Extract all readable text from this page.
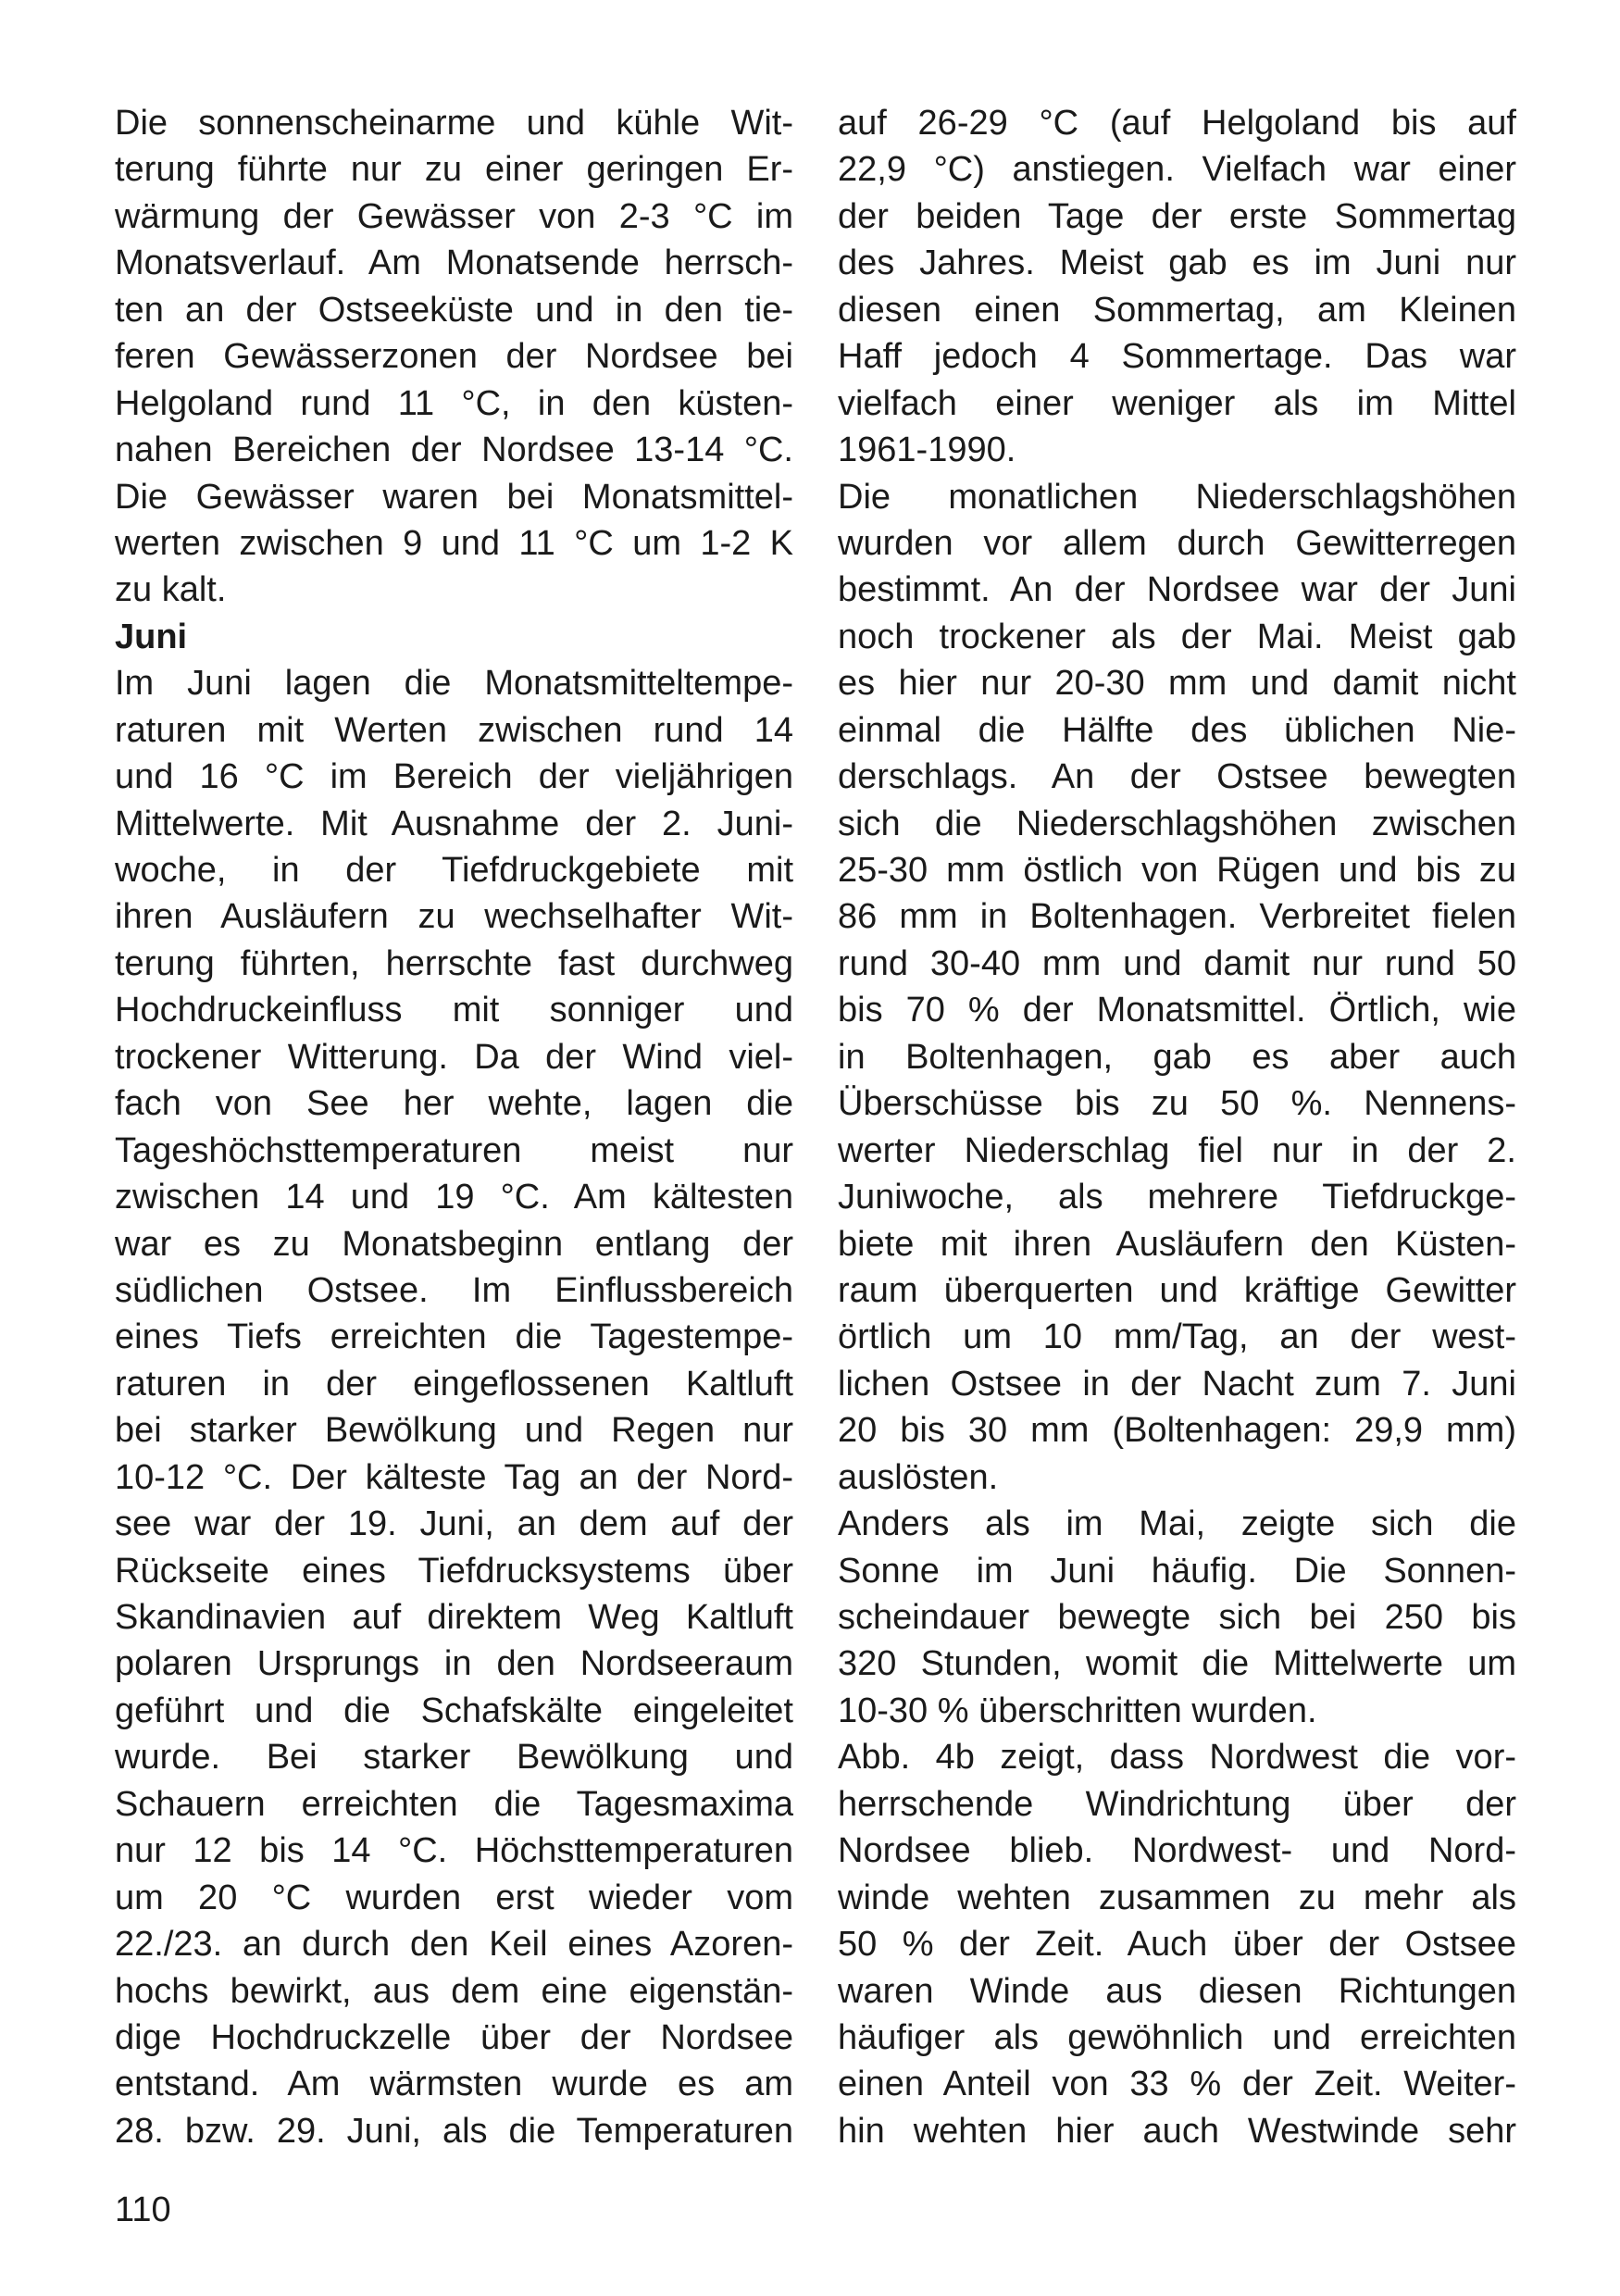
Die sonnenscheinarme und kühle Wit-
terung führte nur zu einer geringen Er-
wärmung der Gewässer von 2-3 °C im
Monatsverlauf. Am Monatsende herrsch-
ten an der Ostseeküste und in den tie-
feren Gewässerzonen der Nordsee bei
Helgoland rund 11 °C, in den küsten-
nahen Bereichen der Nordsee 13-14 °C.
Die Gewässer waren bei Monatsmittel-
werten zwischen 9 und 11 °C um 1-2 K
zu kalt.
Juni
Im Juni lagen die Monatsmitteltempe-
raturen mit Werten zwischen rund 14
und 16 °C im Bereich der vieljährigen
Mittelwerte. Mit Ausnahme der 2. Juni-
woche, in der Tiefdruckgebiete mit
ihren Ausläufern zu wechselhafter Wit-
terung führten, herrschte fast durchweg
Hochdruckeinfluss mit sonniger und
trockener Witterung. Da der Wind viel-
fach von See her wehte, lagen die
Tageshöchsttemperaturen meist nur
zwischen 14 und 19 °C. Am kältesten
war es zu Monatsbeginn entlang der
südlichen Ostsee. Im Einflussbereich
eines Tiefs erreichten die Tagestempe-
raturen in der eingeflossenen Kaltluft
bei starker Bewölkung und Regen nur
10-12 °C. Der kälteste Tag an der Nord-
see war der 19. Juni, an dem auf der
Rückseite eines Tiefdrucksystems über
Skandinavien auf direktem Weg Kaltluft
polaren Ursprungs in den Nordseeraum
geführt und die Schafskälte eingeleitet
wurde. Bei starker Bewölkung und
Schauern erreichten die Tagesmaxima
nur 12 bis 14 °C. Höchsttemperaturen
um 20 °C wurden erst wieder vom
22./23. an durch den Keil eines Azoren-
hochs bewirkt, aus dem eine eigenstän-
dige Hochdruckzelle über der Nordsee
entstand. Am wärmsten wurde es am
28. bzw. 29. Juni, als die Temperaturen
auf 26-29 °C (auf Helgoland bis auf
22,9 °C) anstiegen. Vielfach war einer
der beiden Tage der erste Sommertag
des Jahres. Meist gab es im Juni nur
diesen einen Sommertag, am Kleinen
Haff jedoch 4 Sommertage. Das war
vielfach einer weniger als im Mittel
1961-1990.
Die monatlichen Niederschlagshöhen
wurden vor allem durch Gewitterregen
bestimmt. An der Nordsee war der Juni
noch trockener als der Mai. Meist gab
es hier nur 20-30 mm und damit nicht
einmal die Hälfte des üblichen Nie-
derschlags. An der Ostsee bewegten
sich die Niederschlagshöhen zwischen
25-30 mm östlich von Rügen und bis zu
86 mm in Boltenhagen. Verbreitet fielen
rund 30-40 mm und damit nur rund 50
bis 70 % der Monatsmittel. Örtlich, wie
in Boltenhagen, gab es aber auch
Überschüsse bis zu 50 %. Nennens-
werter Niederschlag fiel nur in der 2.
Juniwoche, als mehrere Tiefdruckge-
biete mit ihren Ausläufern den Küsten-
raum überquerten und kräftige Gewitter
örtlich um 10 mm/Tag, an der west-
lichen Ostsee in der Nacht zum 7. Juni
20 bis 30 mm (Boltenhagen: 29,9 mm)
auslösten.
Anders als im Mai, zeigte sich die
Sonne im Juni häufig. Die Sonnen-
scheindauer bewegte sich bei 250 bis
320 Stunden, womit die Mittelwerte um
10-30 % überschritten wurden.
Abb. 4b zeigt, dass Nordwest die vor-
herrschende Windrichtung über der
Nordsee blieb. Nordwest- und Nord-
winde wehten zusammen zu mehr als
50 % der Zeit. Auch über der Ostsee
waren Winde aus diesen Richtungen
häufiger als gewöhnlich und erreichten
einen Anteil von 33 % der Zeit. Weiter-
hin wehten hier auch Westwinde sehr
110
